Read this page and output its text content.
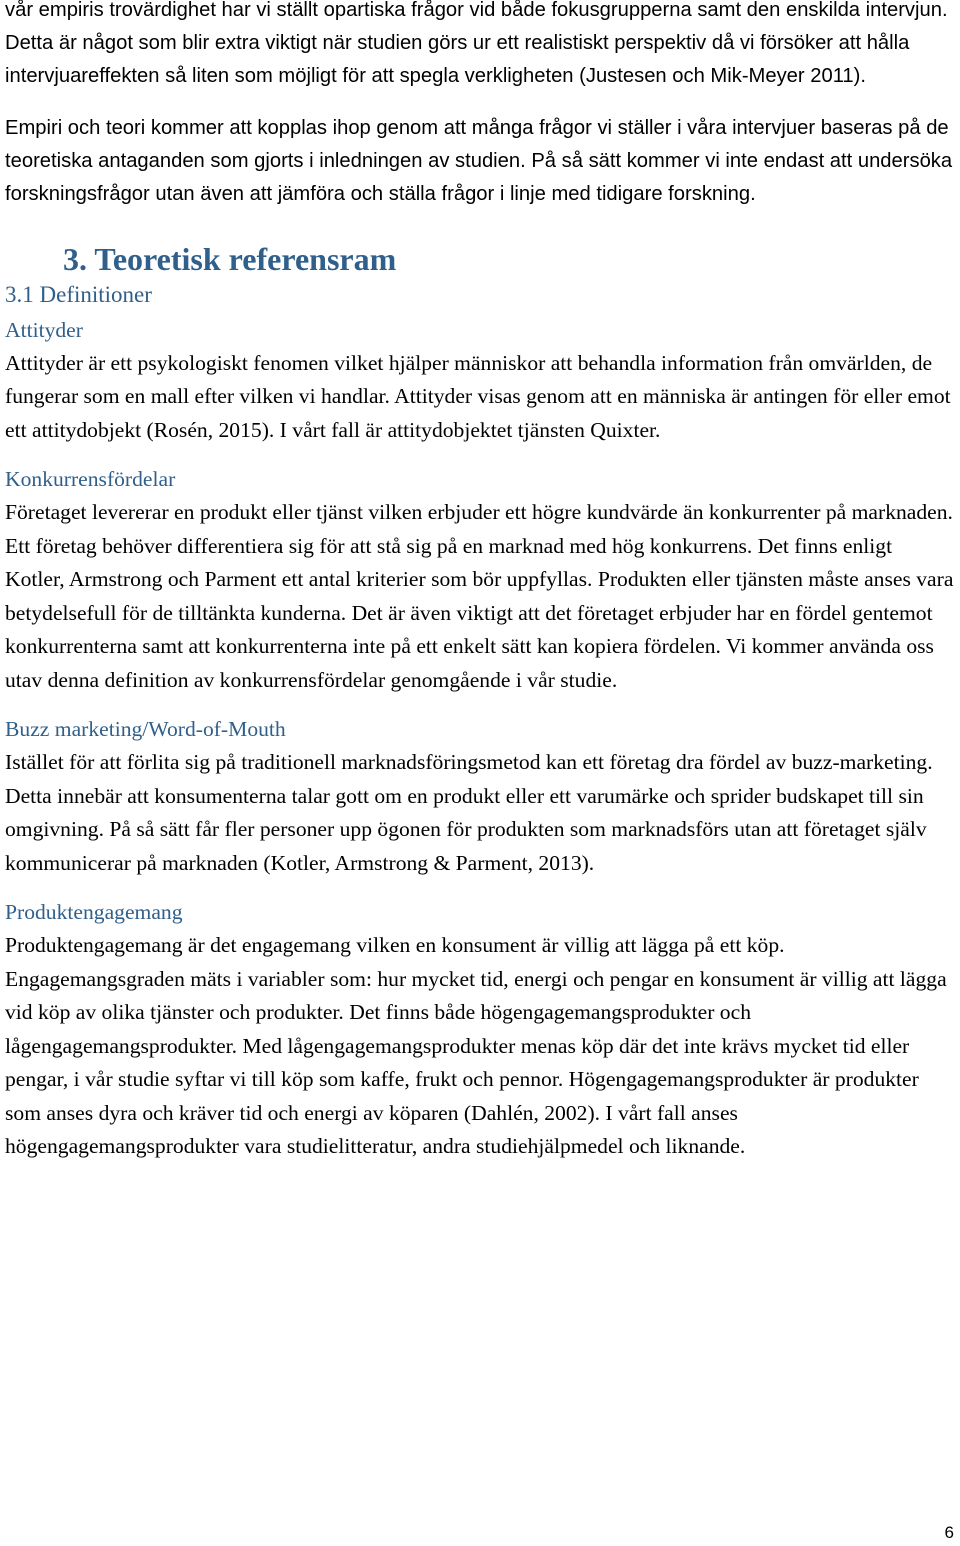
vår empiris trovärdighet har vi ställt opartiska frågor vid både fokusgrupperna samt den enskilda intervjun. Detta är något som blir extra viktigt när studien görs ur ett realistiskt perspektiv då vi försöker att hålla intervjuareffekten så liten som möjligt för att spegla verkligheten (Justesen och Mik-Meyer 2011).

Empiri och teori kommer att kopplas ihop genom att många frågor vi ställer i våra intervjuer baseras på de teoretiska antaganden som gjorts i inledningen av studien. På så sätt kommer vi inte endast att undersöka forskningsfrågor utan även att jämföra och ställa frågor i linje med tidigare forskning.

3. Teoretisk referensram
3.1 Definitioner
Attityder

Attityder är ett psykologiskt fenomen vilket hjälper människor att behandla information från omvärlden, de fungerar som en mall efter vilken vi handlar. Attityder visas genom att en människa är antingen för eller emot ett attitydobjekt (Rosén, 2015). I vårt fall är attitydobjektet tjänsten Quixter.

Konkurrensfördelar

Företaget levererar en produkt eller tjänst vilken erbjuder ett högre kundvärde än konkurrenter på marknaden. Ett företag behöver differentiera sig för att stå sig på en marknad med hög konkurrens. Det finns enligt Kotler, Armstrong och Parment ett antal kriterier som bör uppfyllas. Produkten eller tjänsten måste anses vara betydelsefull för de tilltänkta kunderna. Det är även viktigt att det företaget erbjuder har en fördel gentemot konkurrenterna samt att konkurrenterna inte på ett enkelt sätt kan kopiera fördelen. Vi kommer använda oss utav denna definition av konkurrensfördelar genomgående i vår studie.

Buzz marketing/Word-of-Mouth

Istället för att förlita sig på traditionell marknadsföringsmetod kan ett företag dra fördel av buzz-marketing. Detta innebär att konsumenterna talar gott om en produkt eller ett varumärke och sprider budskapet till sin omgivning. På så sätt får fler personer upp ögonen för produkten som marknadsförs utan att företaget själv kommunicerar på marknaden (Kotler, Armstrong & Parment, 2013).

Produktengagemang

Produktengagemang är det engagemang vilken en konsument är villig att lägga på ett köp. Engagemangsgraden mäts i variabler som: hur mycket tid, energi och pengar en konsument är villig att lägga vid köp av olika tjänster och produkter. Det finns både högengagemangsprodukter och lågengagemangsprodukter. Med lågengagemangsprodukter menas köp där det inte krävs mycket tid eller pengar, i vår studie syftar vi till köp som kaffe, frukt och pennor. Högengagemangsprodukter är produkter som anses dyra och kräver tid och energi av köparen (Dahlén, 2002). I vårt fall anses högengagemangsprodukter vara studielitteratur, andra studiehjälpmedel och liknande.

6
